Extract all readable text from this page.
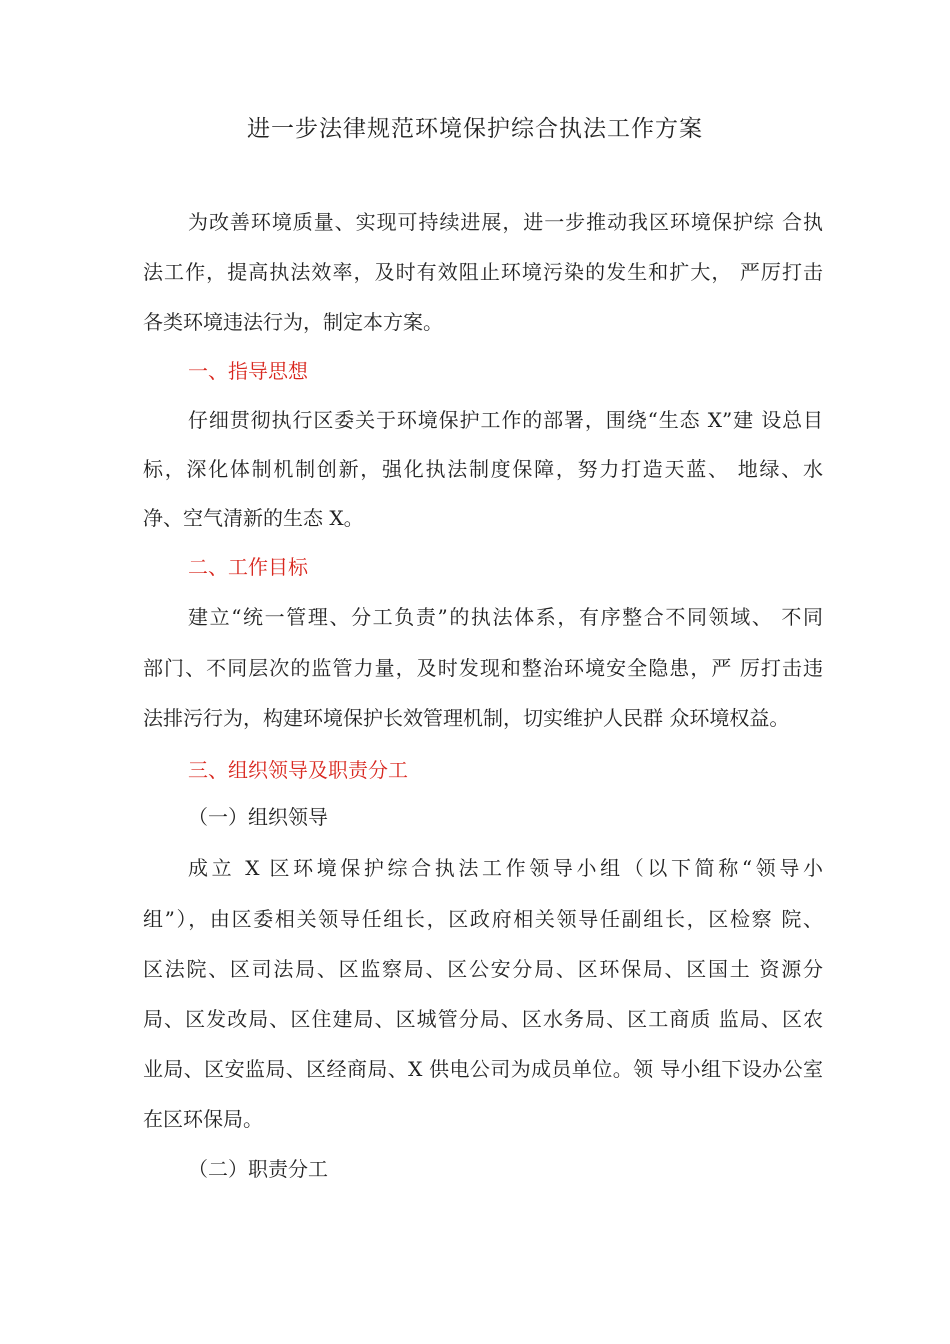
进一步法律规范环境保护综合执法工作方案
为改善环境质量、实现可持续进展，进一步推动我区环境保护综 合执
法工作，提高执法效率，及时有效阻止环境污染的发生和扩大， 严厉打击
各类环境违法行为，制定本方案。
一、指导思想
仔细贯彻执行区委关于环境保护工作的部署，围绕“生态 X”建 设总目
标，深化体制机制创新，强化执法制度保障，努力打造天蓝、 地绿、水
净、空气清新的生态 X。
二、工作目标
建立“统一管理、分工负责”的执法体系，有序整合不同领域、 不同
部门、不同层次的监管力量，及时发现和整治环境安全隐患，严 厉打击违
法排污行为，构建环境保护长效管理机制，切实维护人民群 众环境权益。
三、组织领导及职责分工
（一）组织领导
成立 X 区环境保护综合执法工作领导小组（以下简称“领导小
组”），由区委相关领导任组长，区政府相关领导任副组长，区检察 院、
区法院、区司法局、区监察局、区公安分局、区环保局、区国土 资源分
局、区发改局、区住建局、区城管分局、区水务局、区工商质 监局、区农
业局、区安监局、区经商局、X 供电公司为成员单位。领 导小组下设办公室
在区环保局。
（二）职责分工
